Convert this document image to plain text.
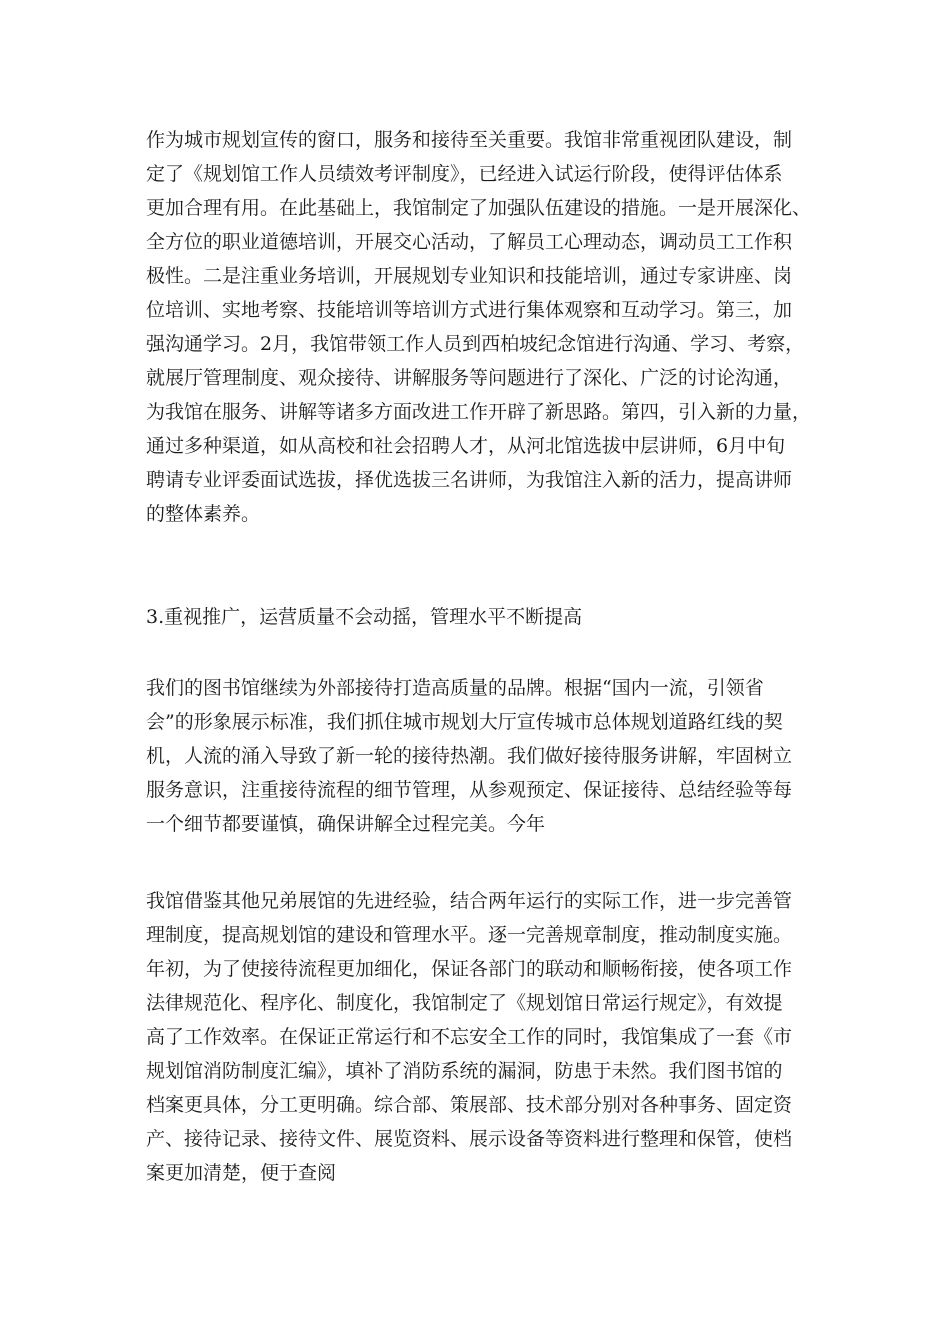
作为城市规划宣传的窗口，服务和接待至关重要。我馆非常重视团队建设，制
定了《规划馆工作人员绩效考评制度》，已经进入试运行阶段，使得评估体系
更加合理有用。在此基础上，我馆制定了加强队伍建设的措施。一是开展深化、
全方位的职业道德培训，开展交心活动，了解员工心理动态，调动员工工作积
极性。二是注重业务培训，开展规划专业知识和技能培训，通过专家讲座、岗
位培训、实地考察、技能培训等培训方式进行集体观察和互动学习。第三，加
强沟通学习。2月，我馆带领工作人员到西柏坡纪念馆进行沟通、学习、考察，
就展厅管理制度、观众接待、讲解服务等问题进行了深化、广泛的讨论沟通，
为我馆在服务、讲解等诸多方面改进工作开辟了新思路。第四，引入新的力量，
通过多种渠道，如从高校和社会招聘人才，从河北馆选拔中层讲师，6月中旬
聘请专业评委面试选拔，择优选拔三名讲师，为我馆注入新的活力，提高讲师
的整体素养。
3.重视推广，运营质量不会动摇，管理水平不断提高
我们的图书馆继续为外部接待打造高质量的品牌。根据“国内一流，引领省
会”的形象展示标准，我们抓住城市规划大厅宣传城市总体规划道路红线的契
机，人流的涌入导致了新一轮的接待热潮。我们做好接待服务讲解，牢固树立
服务意识，注重接待流程的细节管理，从参观预定、保证接待、总结经验等每
一个细节都要谨慎，确保讲解全过程完美。今年
我馆借鉴其他兄弟展馆的先进经验，结合两年运行的实际工作，进一步完善管
理制度，提高规划馆的建设和管理水平。逐一完善规章制度，推动制度实施。
年初，为了使接待流程更加细化，保证各部门的联动和顺畅衔接，使各项工作
法律规范化、程序化、制度化，我馆制定了《规划馆日常运行规定》，有效提
高了工作效率。在保证正常运行和不忘安全工作的同时，我馆集成了一套《市
规划馆消防制度汇编》，填补了消防系统的漏洞，防患于未然。我们图书馆的
档案更具体，分工更明确。综合部、策展部、技术部分别对各种事务、固定资
产、接待记录、接待文件、展览资料、展示设备等资料进行整理和保管，使档
案更加清楚，便于查阅
